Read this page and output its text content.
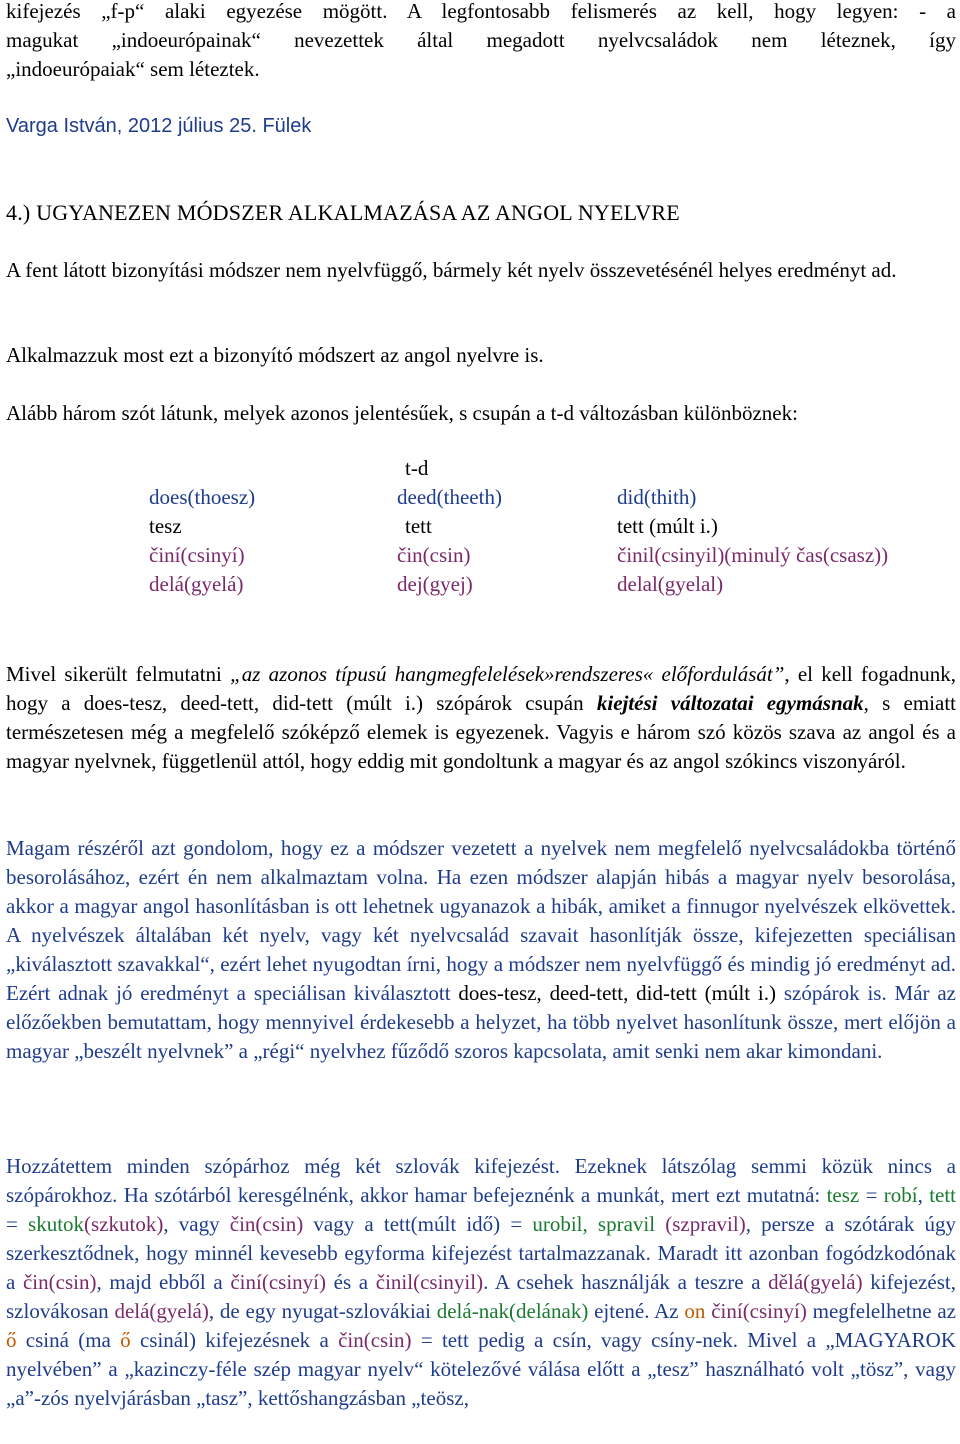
kifejezés „f-p“ alaki egyezése mögött. A legfontosabb felismerés az kell, hogy legyen: - a

magukat „indoeurópainak“ nevezettek által megadott nyelvcsaládok nem léteznek, így

„indoeurópaiak“ sem léteztek.

Varga István, 2012 július 25. Fülek

4.) UGYANEZEN MÓDSZER ALKALMAZÁSA AZ ANGOL NYELVRE

A fent látott bizonyítási módszer nem nyelvfüggő, bármely két nyelv összevetésénél helyes eredményt ad.

Alkalmazzuk most ezt a bizonyító módszert az angol nyelvre is.

Alább három szót látunk, melyek azonos jelentésűek, s csupán a t-d változásban különböznek:

	t-d	
does(thoesz)	deed(theeth)	did(thith)
tesz	tett	tett (múlt i.)
činí(csinyí)	čin(csin)	činil(csinyil)(minulý čas(csasz))
delá(gyelá)	dej(gyej)	delal(gyelal)

Mivel sikerült felmutatni „az azonos típusú hangmegfelelések»rendszeres« előfordulását”, el kell fogadnunk, hogy a does-tesz, deed-tett, did-tett (múlt i.) szópárok csupán kiejtési változatai egymásnak, s emiatt természetesen még a megfelelő szóképző elemek is egyezenek. Vagyis e három szó közös szava az angol és a magyar nyelvnek, függetlenül attól, hogy eddig mit gondoltunk a magyar és az angol szókincs viszonyáról.

Magam részéről azt gondolom, hogy ez a módszer vezetett a nyelvek nem megfelelő nyelvcsaládokba történő besorolásához, ezért én nem alkalmaztam volna. Ha ezen módszer alapján hibás a magyar nyelv besorolása, akkor a magyar angol hasonlításban is ott lehetnek ugyanazok a hibák, amiket a finnugor nyelvészek elkövettek. A nyelvészek általában két nyelv, vagy két nyelvcsalád szavait hasonlítják össze, kifejezetten speciálisan „kiválasztott szavakkal“, ezért lehet nyugodtan írni, hogy a módszer nem nyelvfüggő és mindig jó eredményt ad. Ezért adnak jó eredményt a speciálisan kiválasztott does-tesz, deed-tett, did-tett (múlt i.) szópárok is. Már az előzőekben bemutattam, hogy mennyivel érdekesebb a helyzet, ha több nyelvet hasonlítunk össze, mert előjön a magyar „beszélt nyelvnek” a „régi“ nyelvhez fűződő szoros kapcsolata, amit senki nem akar kimondani.

Hozzátettem minden szópárhoz még két szlovák kifejezést. Ezeknek látszólag semmi közük nincs a szópárokhoz. Ha szótárból keresgélnénk, akkor hamar befejeznénk a munkát, mert ezt mutatná: tesz = robí, tett = skutok(szkutok), vagy čin(csin) vagy a tett(múlt idő) = urobil, spravil (szpravil), persze a szótárak úgy szerkesztődnek, hogy minnél kevesebb egyforma kifejezést tartalmazzanak. Maradt itt azonban fogódzkodónak a čin(csin), majd ebből a činí(csinyí) és a činil(csinyil). A csehek használják a teszre a dělá(gyelá) kifejezést, szlovákosan delá(gyelá), de egy nyugat-szlovákiai delá-nak(delának) ejtené. Az on činí(csinyí) megfelelhetne az ő csiná (ma ő csinál) kifejezésnek a čin(csin) = tett pedig a csín, vagy csíny-nek. Mivel a „MAGYAROK nyelvében” a „kazinczy-féle szép magyar nyelv“ kötelezővé válása előtt a „tesz” használható volt „tösz”, vagy „a”-zós nyelvjárásban „tasz”, kettőshangzásban „teösz,
